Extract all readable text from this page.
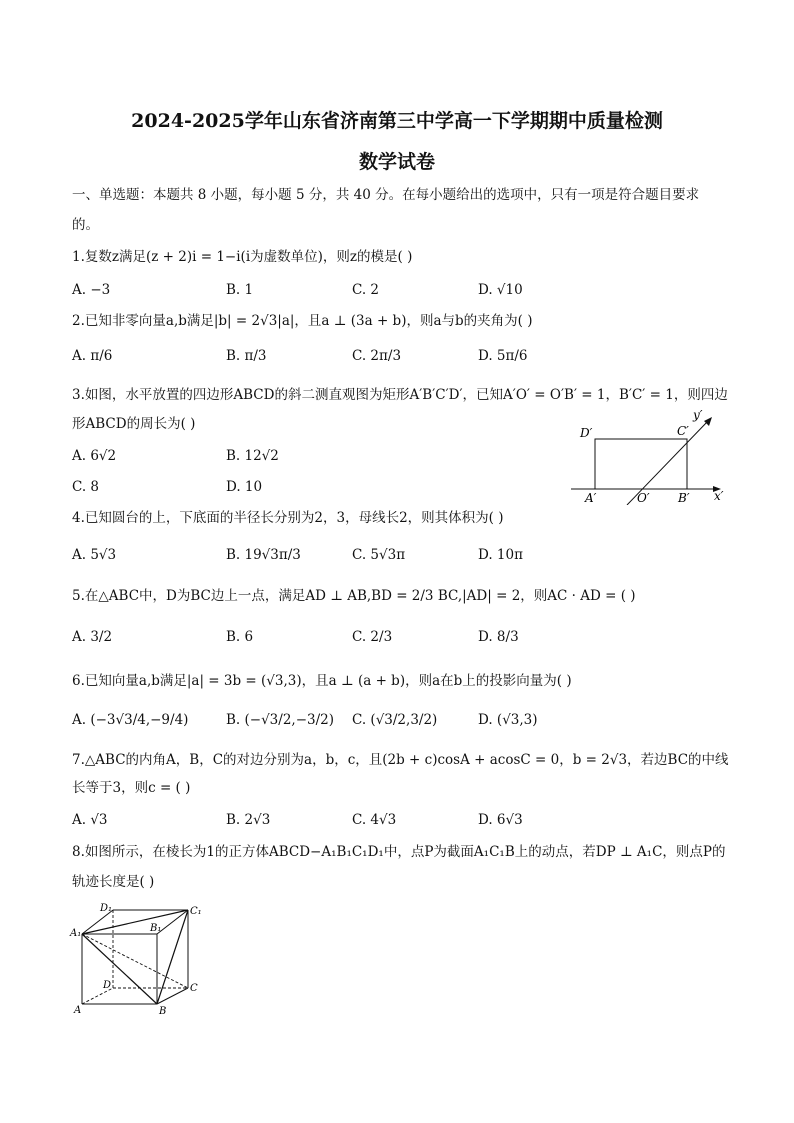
2024-2025学年山东省济南第三中学高一下学期期中质量检测
数学试卷
一、单选题：本题共 8 小题，每小题 5 分，共 40 分。在每小题给出的选项中，只有一项是符合题目要求
的。
1.复数z满足(z + 2)i = 1−i(i为虚数单位)，则z的模是( )
A. −3	B. 1	C. 2	D. √10
2.已知非零向量a,b满足|b| = 2√3|a|，且a ⊥ (3a + b)，则a与b的夹角为( )
A. π/6	B. π/3	C. 2π/3	D. 5π/6
3.如图，水平放置的四边形ABCD的斜二测直观图为矩形A′B′C′D′，已知A′O′ = O′B′ = 1，B′C′ = 1，则四边
形ABCD的周长为( )
A. 6√2	B. 12√2
C. 8	D. 10
D′	C′
y′
A′	O′ B′ x′
4.已知圆台的上，下底面的半径长分别为2，3，母线长2，则其体积为( )
A. 5√3	B. 19√3π/3	C. 5√3π	D. 10π
5.在△ABC中，D为BC边上一点，满足AD ⊥ AB,BD = 2/3 BC,|AD| = 2，则AC · AD = ( )
A. 3/2	B. 6	C. 2/3	D. 8/3
6.已知向量a,b满足|a| = 3b = (√3,3)，且a ⊥ (a + b)，则a在b上的投影向量为( )
A. (−3√3/4,−9/4)	B. (−√3/2,−3/2) C. (√3/2,3/2)	D. (√3,3)
7.△ABC的内角A，B，C的对边分别为a，b，c，且(2b + c)cosA + acosC = 0，b = 2√3，若边BC的中线
长等于3，则c = ( )
A. √3	B. 2√3	C. 4√3	D. 6√3
8.如图所示，在棱长为1的正方体ABCD−A₁B₁C₁D₁中，点P为截面A₁C₁B上的动点，若DP ⊥ A₁C，则点P的
轨迹长度是( )
D₁	C₁
A₁	B₁
D	C
A	B
